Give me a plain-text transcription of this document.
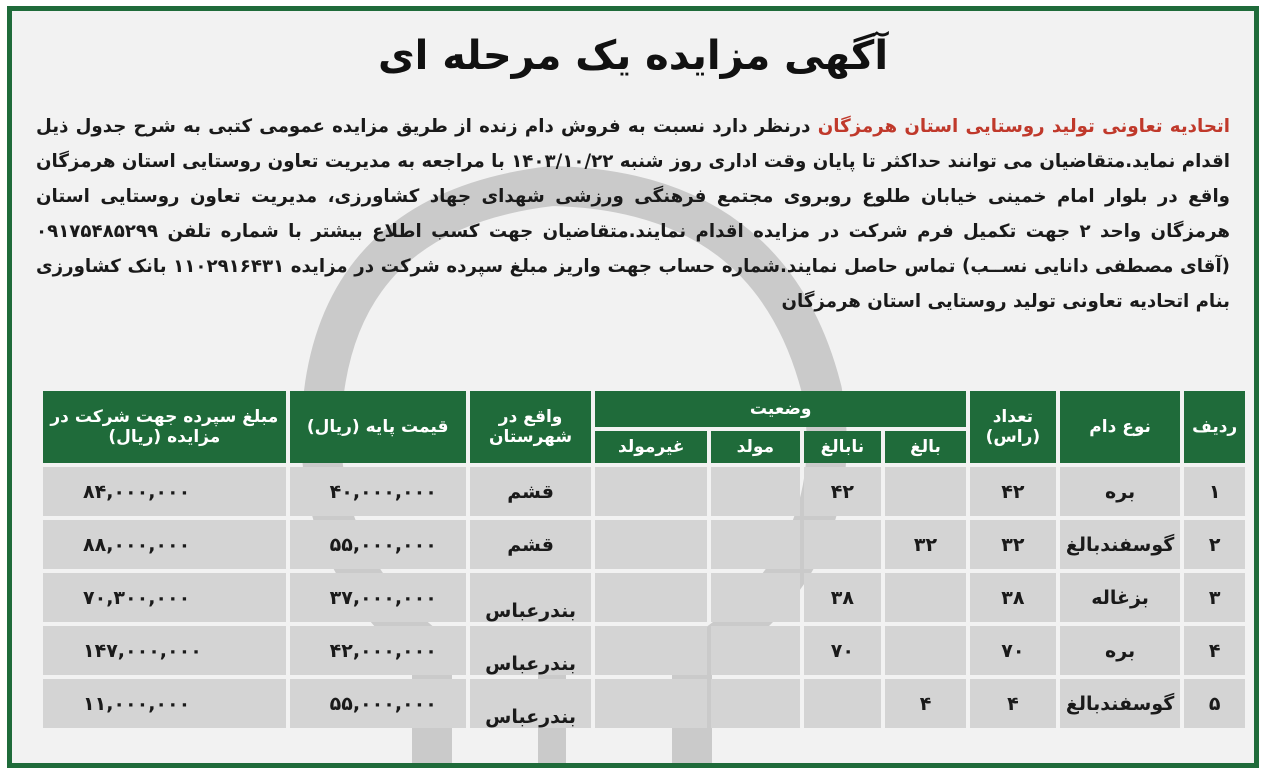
آگهی مزایده یک مرحله ای
اتحادیه تعاونی تولید روستایی استان هرمزگان درنظر دارد نسبت به فروش دام زنده از طریق مزایده عمومی کتبی به شرح جدول ذیل اقدام نماید.متقاضیان می توانند حداکثر تا پایان وقت اداری روز شنبه ۱۴۰۳/۱۰/۲۲ با مراجعه به مدیریت تعاون روستایی استان هرمزگان واقع در بلوار امام خمینی خیابان طلوع روبروی مجتمع فرهنگی ورزشی شهدای جهاد کشاورزی، مدیریت تعاون روستایی استان هرمزگان واحد ۲ جهت تکمیل فرم شرکت در مزایده اقدام نمایند.متقاضیان جهت کسب اطلاع بیشتر با شماره تلفن ۰۹۱۷۵۴۸۵۲۹۹ (آقای مصطفی دانایی نســب) تماس حاصل نمایند.شماره حساب جهت واریز مبلغ سپرده شرکت در مزایده ۱۱۰۲۹۱۶۴۳۱ بانک کشاورزی بنام اتحادیه تعاونی تولید روستایی استان هرمزگان
ردیف	نوع دام	تعداد (راس)	وضعیت				واقع در شهرستان	قیمت پایه (ریال)	مبلغ سپرده جهت شرکت در مزایده (ریال)
			بالغ	نابالغ	مولد	غیرمولد			
۱	بره	۴۲		۴۲			قشم	۴۰,۰۰۰,۰۰۰	۸۴,۰۰۰,۰۰۰
۲	گوسفندبالغ	۳۲	۳۲				قشم	۵۵,۰۰۰,۰۰۰	۸۸,۰۰۰,۰۰۰
۳	بزغاله	۳۸		۳۸			بندرعباس	۳۷,۰۰۰,۰۰۰	۷۰,۳۰۰,۰۰۰
۴	بره	۷۰		۷۰			بندرعباس	۴۲,۰۰۰,۰۰۰	۱۴۷,۰۰۰,۰۰۰
۵	گوسفندبالغ	۴	۴				بندرعباس	۵۵,۰۰۰,۰۰۰	۱۱,۰۰۰,۰۰۰
